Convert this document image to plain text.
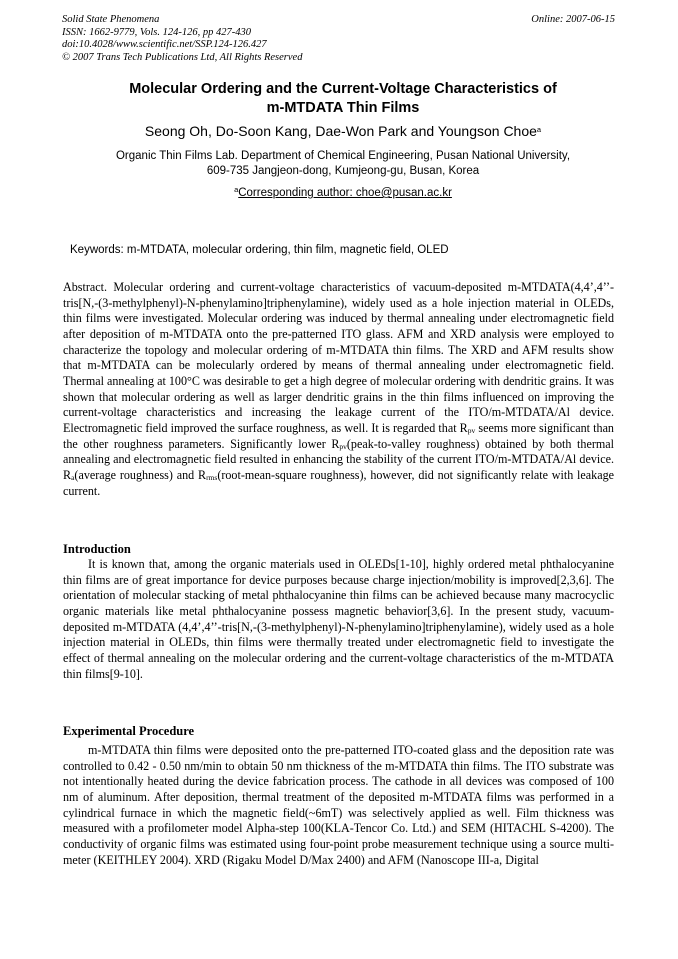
Solid State Phenomena
ISSN: 1662-9779, Vols. 124-126, pp 427-430
doi:10.4028/www.scientific.net/SSP.124-126.427
© 2007 Trans Tech Publications Ltd, All Rights Reserved
Online: 2007-06-15
Molecular Ordering and the Current-Voltage Characteristics of
m-MTDATA Thin Films
Seong Oh, Do-Soon Kang, Dae-Won Park and Youngson Choe$^a$
Organic Thin Films Lab. Department of Chemical Engineering, Pusan National University,
609-735 Jangjeon-dong, Kumjeong-gu, Busan, Korea
$^a$Corresponding author: choe@pusan.ac.kr
Keywords: m-MTDATA, molecular ordering, thin film, magnetic field, OLED

Abstract. Molecular ordering and current-voltage characteristics of vacuum-deposited m-MTDATA(4,4’,4’’-tris[N,-(3-methylphenyl)-N-phenylamino]triphenylamine), widely used as a hole injection material in OLEDs, thin films were investigated. Molecular ordering was induced by thermal annealing under electromagnetic field after deposition of m-MTDATA onto the pre-patterned ITO glass. AFM and XRD analysis were employed to characterize the topology and molecular ordering of m-MTDATA thin films. The XRD and AFM results show that m-MTDATA can be molecularly ordered by means of thermal annealing under electromagnetic field. Thermal annealing at 100°C was desirable to get a high degree of molecular ordering with dendritic grains. It was shown that molecular ordering as well as larger dendritic grains in the thin films influenced on improving the current-voltage characteristics and increasing the leakage current of the ITO/m-MTDATA/Al device. Electromagnetic field improved the surface roughness, as well. It is regarded that $R_{pv}$ seems more significant than the other roughness parameters. Significantly lower $R_{pv}(peak-to$-valley roughness) obtained by both thermal annealing and electromagnetic field resulted in enhancing the stability of the current ITO/m-MTDATA/Al device. $R_a(average$ roughness) and $R_{rms}(root-mean$-square roughness), however, did not significantly relate with leakage current.

Introduction

It is known that, among the organic materials used in OLEDs[1-10], highly ordered metal phthalocyanine thin films are of great importance for device purposes because charge injection/mobility is improved[2,3,6]. The orientation of molecular stacking of metal phthalocyanine thin films can be achieved because many macrocyclic organic materials like metal phthalocyanine possess magnetic behavior[3,6]. In the present study, vacuum-deposited m-MTDATA (4,4’,4’’-tris[N,-(3-methylphenyl)-N-phenylamino]triphenylamine), widely used as a hole injection material in OLEDs, thin films were thermally treated under electromagnetic field to investigate the effect of thermal annealing on the molecular ordering and the current-voltage characteristics of the m-MTDATA thin films[9-10].

Experimental Procedure

m-MTDATA thin films were deposited onto the pre-patterned ITO-coated glass and the deposition rate was controlled to 0.42 - 0.50 nm/min to obtain 50 nm thickness of the m-MTDATA thin films. The ITO substrate was not intentionally heated during the device fabrication process. The cathode in all devices was composed of 100 nm of aluminum. After deposition, thermal treatment of the deposited m-MTDATA films was performed in a cylindrical furnace in which the magnetic field(~6mT) was selectively applied as well. Film thickness was measured with a profilometer model Alpha-step 100(KLA-Tencor Co. Ltd.) and SEM (HITACHL S-4200). The conductivity of organic films was estimated using four-point probe measurement technique using a source multi-meter (KEITHLEY 2004). XRD (Rigaku Model D/Max 2400) and AFM (Nanoscope III-a, Digital
